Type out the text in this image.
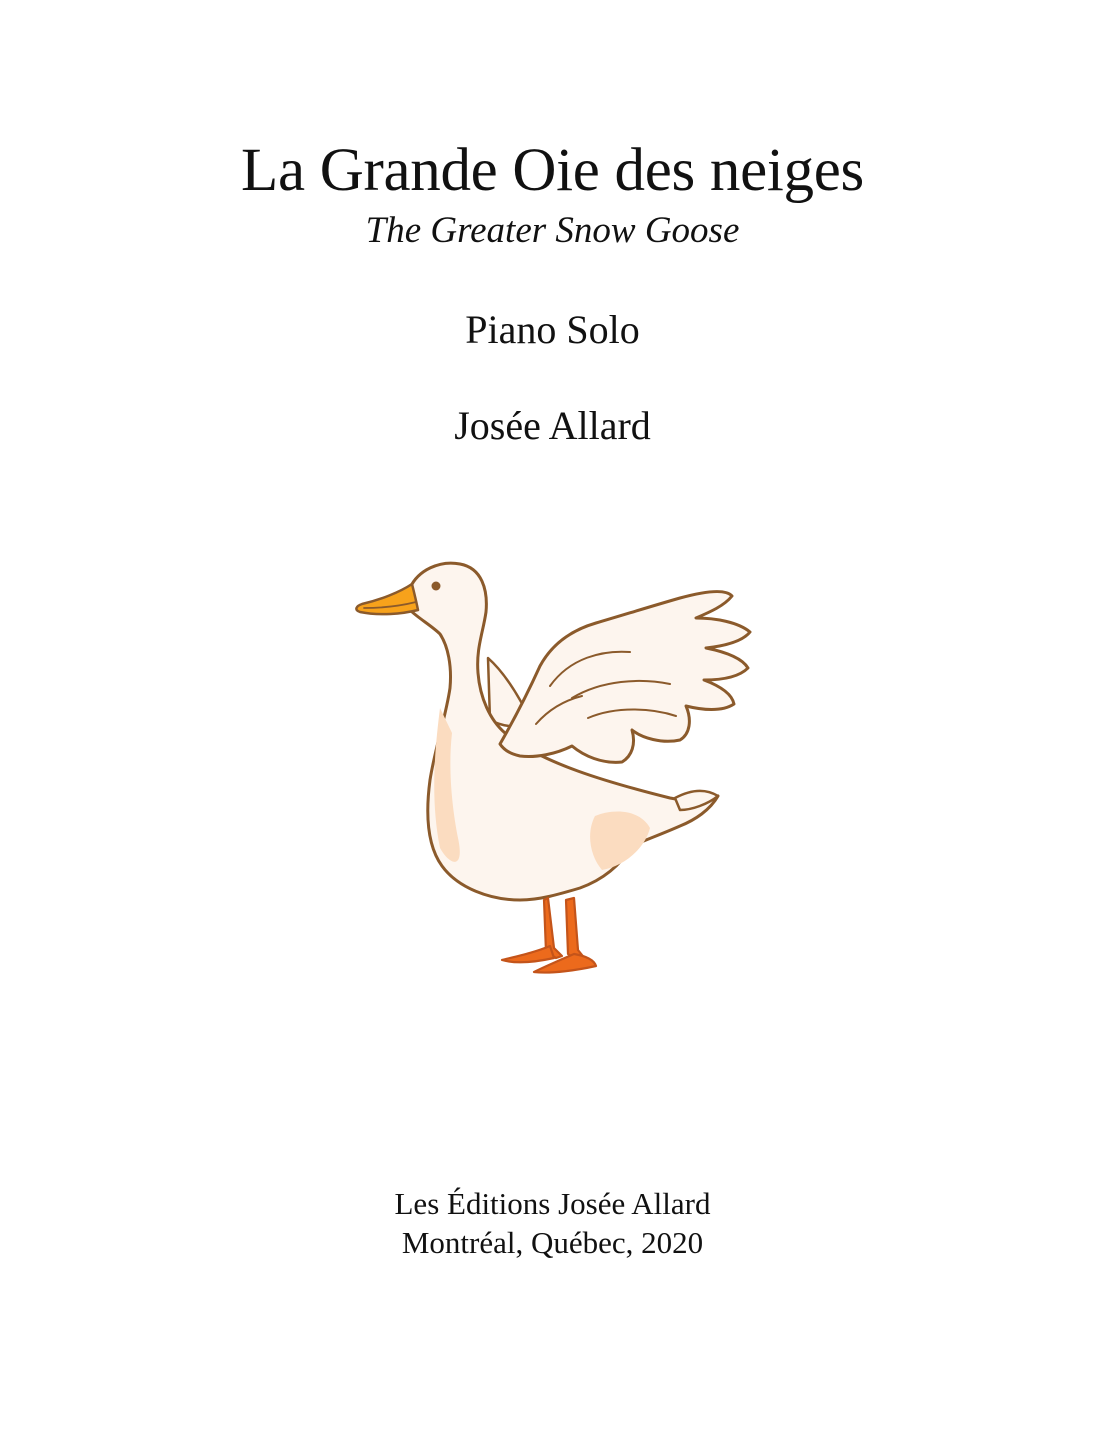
La Grande Oie des neiges
The Greater Snow Goose
Piano Solo
Josée Allard
Les Éditions Josée Allard
Montréal, Québec, 2020
